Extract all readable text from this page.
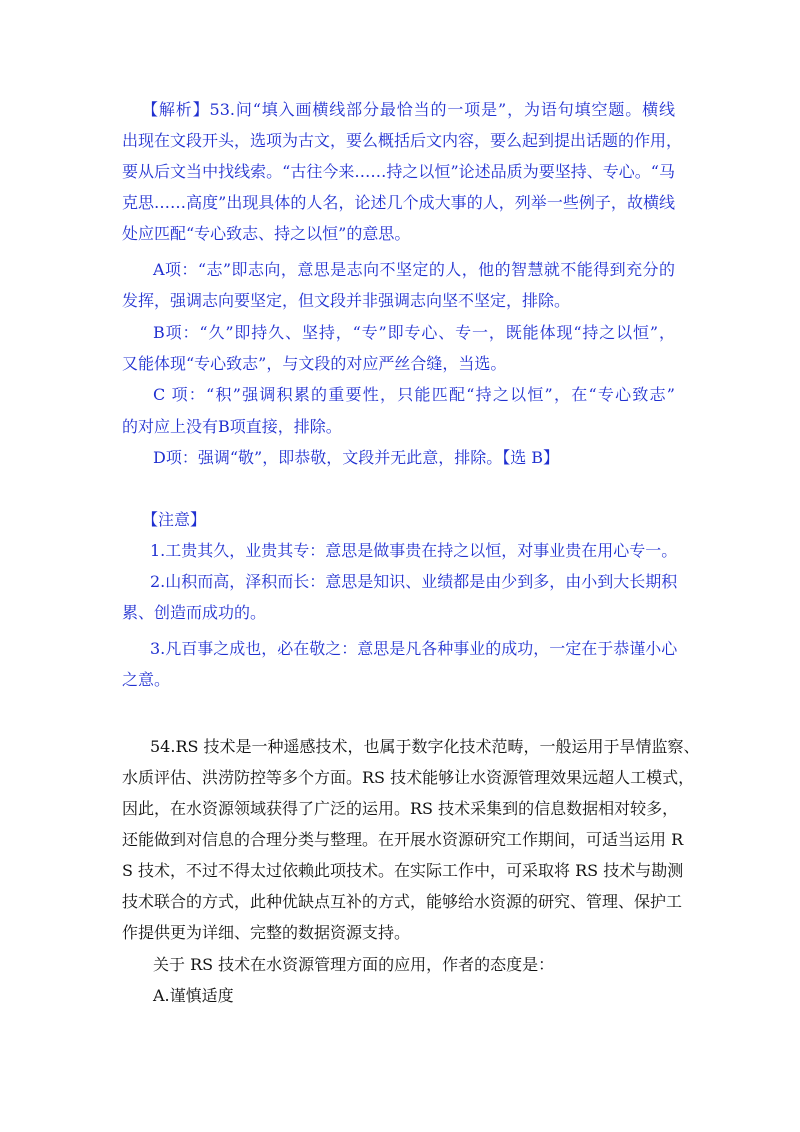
【解析】53.问“填入画横线部分最恰当的一项是”，为语句填空题。横线
出现在文段开头，选项为古文，要么概括后文内容，要么起到提出话题的作用，
要从后文当中找线索。“古往今来……持之以恒”论述品质为要坚持、专心。“马
克思……高度”出现具体的人名，论述几个成大事的人，列举一些例子，故横线
处应匹配“专心致志、持之以恒”的意思。
A项：“志”即志向，意思是志向不坚定的人，他的智慧就不能得到充分的
发挥，强调志向要坚定，但文段并非强调志向坚不坚定，排除。
B项：“久”即持久、坚持，“专”即专心、专一，既能体现“持之以恒”，
又能体现“专心致志”，与文段的对应严丝合缝，当选。
C 项：“积”强调积累的重要性，只能匹配“持之以恒”，在“专心致志”
的对应上没有B项直接，排除。
D项：强调“敬”，即恭敬，文段并无此意，排除。【选 B】
【注意】
1.工贵其久，业贵其专：意思是做事贵在持之以恒，对事业贵在用心专一。
2.山积而高，泽积而长：意思是知识、业绩都是由少到多，由小到大长期积
累、创造而成功的。
3.凡百事之成也，必在敬之：意思是凡各种事业的成功，一定在于恭谨小心
之意。
54.RS 技术是一种遥感技术，也属于数字化技术范畴，一般运用于旱情监察、
水质评估、洪涝防控等多个方面。RS 技术能够让水资源管理效果远超人工模式，
因此，在水资源领域获得了广泛的运用。RS 技术采集到的信息数据相对较多，
还能做到对信息的合理分类与整理。在开展水资源研究工作期间，可适当运用 R
S 技术，不过不得太过依赖此项技术。在实际工作中，可采取将 RS 技术与勘测
技术联合的方式，此种优缺点互补的方式，能够给水资源的研究、管理、保护工
作提供更为详细、完整的数据资源支持。
关于 RS 技术在水资源管理方面的应用，作者的态度是：
A.谨慎适度
